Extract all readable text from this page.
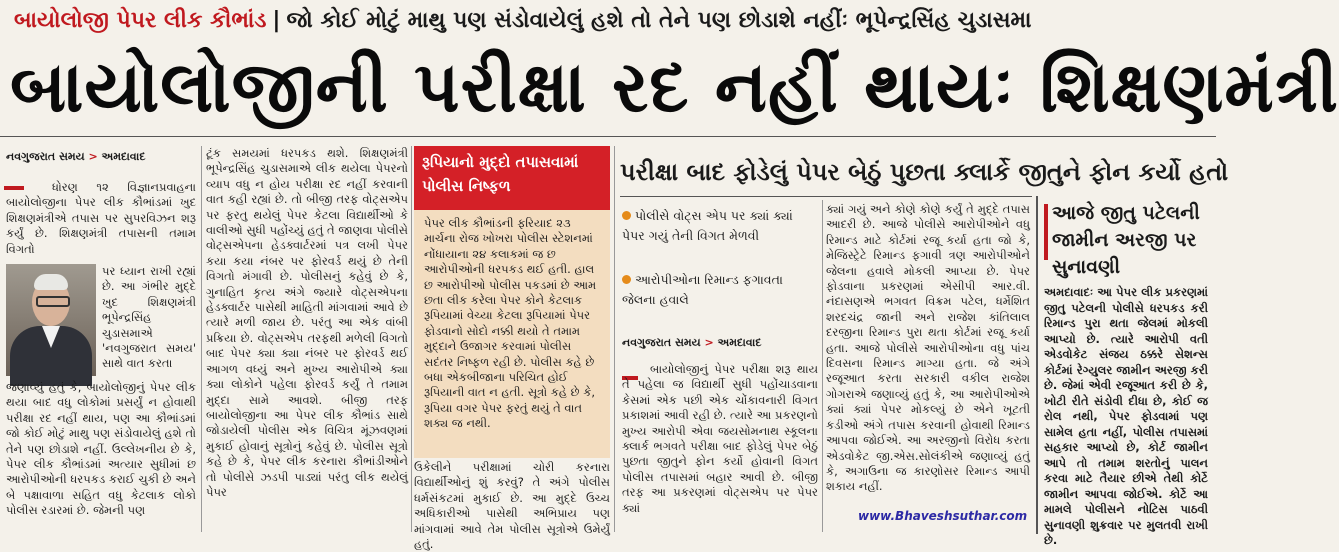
બાયોલોજી પેપર લીક કૌભાંડ | જો કોઈ મોટું માથુ પણ સંડોવાયેલું હશે તો તેને પણ છોડાશે નહીંઃ ભૂપેન્દ્રસિંહ ચુડાસમા
બાયોલોજીની પરીક્ષા રદ નહીં થાયઃ શિક્ષણમંત્રી
નવગુજરાત સમય > અમદાવાદ
ધોરણ ૧૨ વિજ્ઞાનપ્રવાહના બાયોલોજીના પેપર લીક કૌભાંડમાં ખુદ શિક્ષણમંત્રીએ તપાસ પર સુપરવિઝન શરૂ કર્યું છે. શિક્ષણમંત્રી તપાસની તમામ વિગતો
પર ધ્યાન રાખી રહ્યાં છે. આ ગંભીર મુદ્દે ખુદ શિક્ષણમંત્રી ભૂપેન્દ્રસિંહ ચુડાસમાએ 'નવગુજરાત સમય' સાથે વાત કરતા
જણાવ્યું હતું કે, બાયોલોજીનું પેપર લીક થયા બાદ વધુ લોકોમાં પ્રસર્યું ન હોવાથી પરીક્ષા રદ નહીં થાય, પણ આ કૌભાંડમાં જો કોઈ મોટું માથુ પણ સંડોવાયેલું હશે તો તેને પણ છોડાશે નહીં. ઉલ્લેખનીય છે કે, પેપર લીક કૌભાંડમાં અત્યાર સુધીમાં છ આરોપીઓની ધરપકડ કરાઈ ચુકી છે અને બે પક્ષાવાળા સહિત વધુ કેટલાક લોકો પોલીસ રડારમાં છે. જેમની પણ
ટૂંક સમયમાં ધરપકડ થશે. શિક્ષણમંત્રી ભૂપેન્દ્રસિંહ ચુડાસમાએ લીક થયેલા પેપરનો વ્યાપ વધુ ન હોય પરીક્ષા રદ નહીં કરવાની વાત કહી રહ્યાં છે. તો બીજી તરફ વોટ્સએપ પર ફરતુ થયેલું પેપર કેટલા વિદ્યાર્થીઓ કે વાલીઓ સુધી પહોંચ્યું હતું તે જાણવા પોલીસે વોટ્સએપના હેડક્વાર્ટરમાં પત્ર લખી પેપર કયા કયા નંબર પર ફોરવર્ડ થયું છે તેની વિગતો મંગાવી છે. પોલીસનું કહેવું છે કે, ગુનાહિત કૃત્ય અંગે જ્યારે વોટ્સએપના હેડક્વાર્ટર પાસેથી માહિતી માંગવામાં આવે છે ત્યારે મળી જાય છે. પરંતુ આ એક વાંબી પ્રક્રિયા છે. વોટ્સએપ તરફથી મળેલી વિગતો બાદ પેપર ક્યા ક્યા નંબર પર ફોરવર્ડ થઈ આગળ વધ્યું અને મુખ્ય આરોપીએ ક્યા ક્યા લોકોને પહેલા ફોરવર્ડ કર્યું તે તમામ મુદ્દા સામે આવશે. બીજી તરફ બાયોલોજીના આ પેપર લીક કૌભાંડ સાથે જોડાયેલી પોલીસ એક વિચિત્ર મૂંઝવણમાં મુકાઈ હોવાનું સૂત્રોનું કહેવું છે. પોલીસ સૂત્રો કહે છે કે, પેપર લીક કરનારા કૌભાંડીઓને તો પોલીસે ઝડપી પાડ્યાં પરંતુ લીક થયેલું પેપર
રૂપિયાનો મુદ્દો તપાસવામાં પોલીસ નિષ્ફળ
પેપર લીક કૌભાંડની ફરિયાદ ૨૩ માર્ચના રોજ ખોખરા પોલીસ સ્ટેશનમાં નોંધાયાના ૨૪ કલાકમાં જ છ આરોપીઓની ધરપકડ થઈ હતી. હાલ છ આરોપીઓ પોલીસ પકડમાં છે આમ છતા લીક કરેલા પેપર કોને કેટલાક રૂપિયામાં વેચ્યા કેટલા રૂપિયામાં પેપર ફોડવાનો સોદો નક્કી થયો તે તમામ મુદ્દાને ઉજાગર કરવામાં પોલીસ સદંતર નિષ્ફળ રહી છે. પોલીસ કહે છે બધા એકબીજાના પરિચિત હોઈ રૂપિયાની વાત ન હતી. સૂત્રો કહે છે કે, રૂપિયા વગર પેપર ફરતું થયું તે વાત શક્ય જ નથી.
ઉકેલીને પરીક્ષામાં ચોરી કરનારા વિદ્યાર્થીઓનું શું કરવું? તે અંગે પોલીસ ધર્મસંકટમાં મુકાઈ છે. આ મુદ્દે ઉચ્ચ અધિકારીઓ પાસેથી અભિપ્રાય પણ માંગવામાં આવે તેમ પોલીસ સૂત્રોએ ઉમેર્યું હતું.
પરીક્ષા બાદ ફોડેલું પેપર બેઠું પુછતા ક્લાર્કે જીતુને ફોન કર્યો હતો
પોલીસે વોટ્સ એપ પર ક્યાં ક્યાં પેપર ગયું તેની વિગત મેળવી
આરોપીઓના રિમાન્ડ ફગાવતા જેલના હવાલે
નવગુજરાત સમય > અમદાવાદ
બાયોલોજીનું પેપર પરીક્ષા શરૂ થાય તે પહેલા જ વિદ્યાર્થી સુધી પહોંચાડવાના કેસમાં એક પછી એક ચોંકાવનારી વિગત પ્રકાશમાં આવી રહી છે. ત્યારે આ પ્રકરણનો મુખ્ય આરોપી એવા જયસોમનાથ સ્કૂલના ક્લાર્ક ભગવતે પરીક્ષા બાદ ફોડેલું પેપર બેઠું પુછતા જીતુને ફોન કર્યો હોવાની વિગત પોલીસ તપાસમાં બહાર આવી છે. બીજી તરફ આ પ્રકરણમાં વોટ્સએપ પર પેપર ક્યાં
ક્યાં ગયું અને કોણે કોણે કર્યું તે મુદ્દે તપાસ આદરી છે. આજે પોલીસે આરોપીઓને વધુ રિમાન્ડ માટે કોર્ટમાં રજૂ કર્યા હતા જો કે, મેજિસ્ટ્રેટે રિમાન્ડ ફગાવી ત્રણ આરોપીઓને જેલના હવાલે મોકલી આપ્યા છે. પેપર ફોડવાના પ્રકરણમાં એસીપી આર.વી. નંદાસણએ ભગવત વિક્રમ પટેલ, ધર્મેશિત શરદચંદ્ર જાની અને રાજેશ કાંતિલાલ દરજીના રિમાન્ડ પુરા થતા કોર્ટમાં રજૂ કર્યા હતા. આજે પોલીસે આરોપીઓના વધુ પાંચ દિવસના રિમાન્ડ માગ્યા હતા. જે અંગે રજૂઆત કરતા સરકારી વકીલ રાજેશ ગોગરાએ જણાવ્યું હતું કે, આ આરોપીઓએ ક્યાં ક્યાં પેપર મોકલ્યું છે એને ખૂટતી કડીઓ અંગે તપાસ કરવાની હોવાથી રિમાન્ડ આપવા જોઈએ. આ અરજીનો વિરોધ કરતા એડવોકેટ જી.એસ.સોલંકીએ જણાવ્યું હતું કે, અગાઉના જ કારણોસર રિમાન્ડ આપી શકાય નહીં.
આજે જીતુ પટેલની જામીન અરજી પર સુનાવણી
અમદાવાદઃ આ પેપર લીક પ્રકરણમાં જીતુ પટેલની પોલીસે ધરપકડ કરી રિમાન્ડ પુરા થતા જેલમાં મોકલી આપ્યો છે. ત્યારે આરોપી વતી એડવોકેટ સંજય ઠક્કરે સેશન્સ કોર્ટમાં રેગ્યુલર જામીન અરજી કરી છે. જેમાં એવી રજૂઆત કરી છે કે, ખોટી રીતે સંડોવી દીધા છે, કોઈ જ રોલ નથી, પેપર ફોડવામાં પણ સામેલ હતા નહીં, પોલીસ તપાસમાં સહકાર આપ્યો છે, કોર્ટ જામીન આપે તો તમામ શરતોનું પાલન કરવા માટે તૈયાર છીએ તેથી કોર્ટે જામીન આપવા જોઈએ. કોર્ટે આ મામલે પોલીસને નોટિસ પાઠવી સુનાવણી શુક્રવાર પર મુલતવી રાખી છે.
www.Bhaveshsuthar.com
